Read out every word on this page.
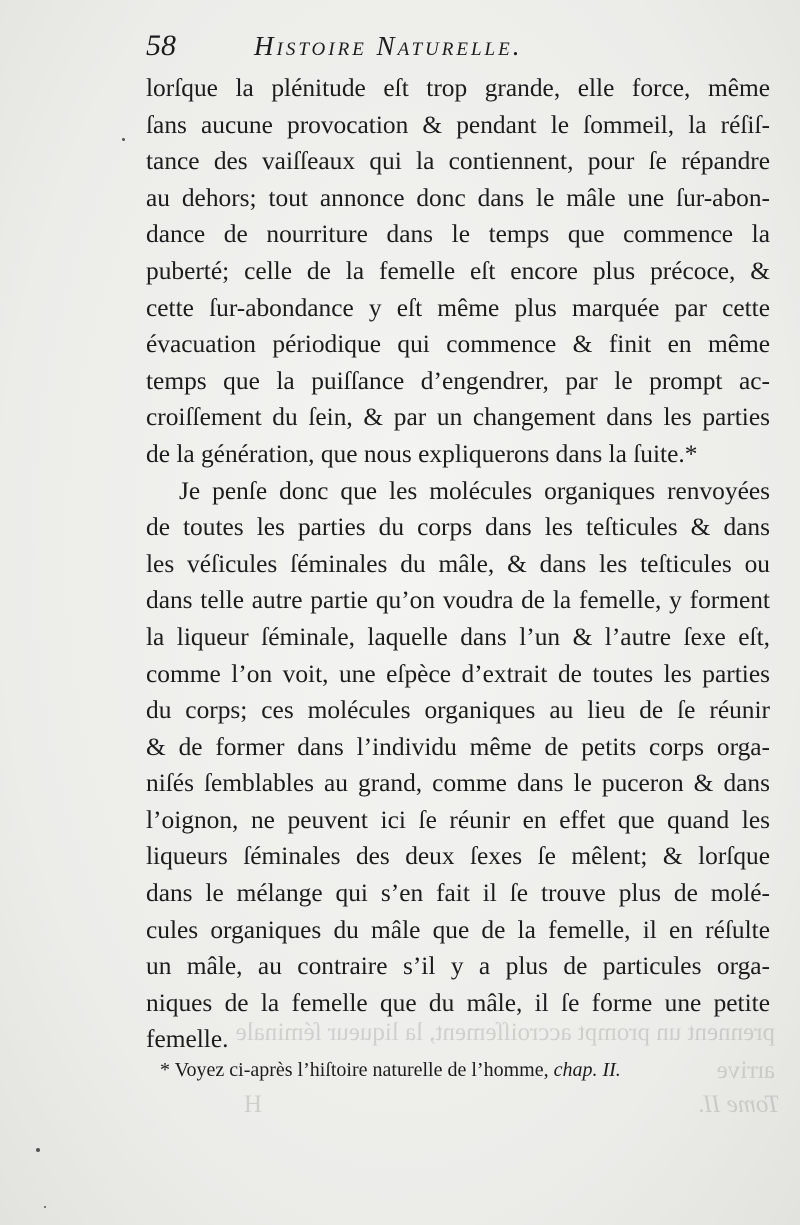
prennent un prompt accroiſſement, la liqueur ſéminale
arrive
Tome II.
H
58	Histoire Naturelle.
lorſque la plénitude eſt trop grande, elle force, même
ſans aucune provocation & pendant le ſommeil, la réſiſ-
tance des vaiſſeaux qui la contiennent, pour ſe répandre
au dehors; tout annonce donc dans le mâle une ſur-abon-
dance de nourriture dans le temps que commence la
puberté; celle de la femelle eſt encore plus précoce, &
cette ſur-abondance y eſt même plus marquée par cette
évacuation périodique qui commence & finit en même
temps que la puiſſance d’engendrer, par le prompt ac-
croiſſement du ſein, & par un changement dans les parties
de la génération, que nous expliquerons dans la ſuite.*
Je penſe donc que les molécules organiques renvoyées
de toutes les parties du corps dans les teſticules & dans
les véſicules ſéminales du mâle, & dans les teſticules ou
dans telle autre partie qu’on voudra de la femelle, y forment
la liqueur ſéminale, laquelle dans l’un & l’autre ſexe eſt,
comme l’on voit, une eſpèce d’extrait de toutes les parties
du corps; ces molécules organiques au lieu de ſe réunir
& de former dans l’individu même de petits corps orga-
niſés ſemblables au grand, comme dans le puceron & dans
l’oignon, ne peuvent ici ſe réunir en effet que quand les
liqueurs ſéminales des deux ſexes ſe mêlent; & lorſque
dans le mélange qui s’en fait il ſe trouve plus de molé-
cules organiques du mâle que de la femelle, il en réſulte
un mâle, au contraire s’il y a plus de particules orga-
niques de la femelle que du mâle, il ſe forme une petite
femelle.
* Voyez ci-après l’hiſtoire naturelle de l’homme, chap. II.
